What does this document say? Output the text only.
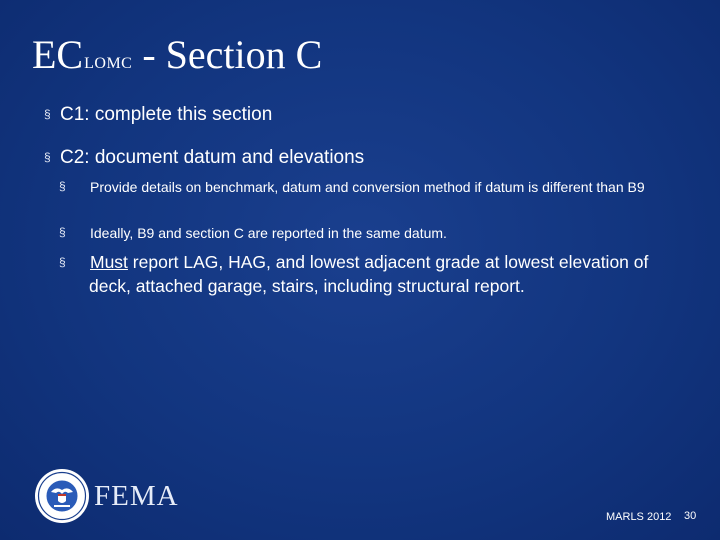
ECLOMC - Section C
§ C1: complete this section
§ C2: document datum and elevations
§ Provide details on benchmark, datum and conversion method if datum is different than B9
§ Ideally, B9 and section C are reported in the same datum.
§ Must report LAG, HAG, and lowest adjacent grade at lowest elevation of deck, attached garage, stairs, including structural report.
FEMA
MARLS 2012 30
